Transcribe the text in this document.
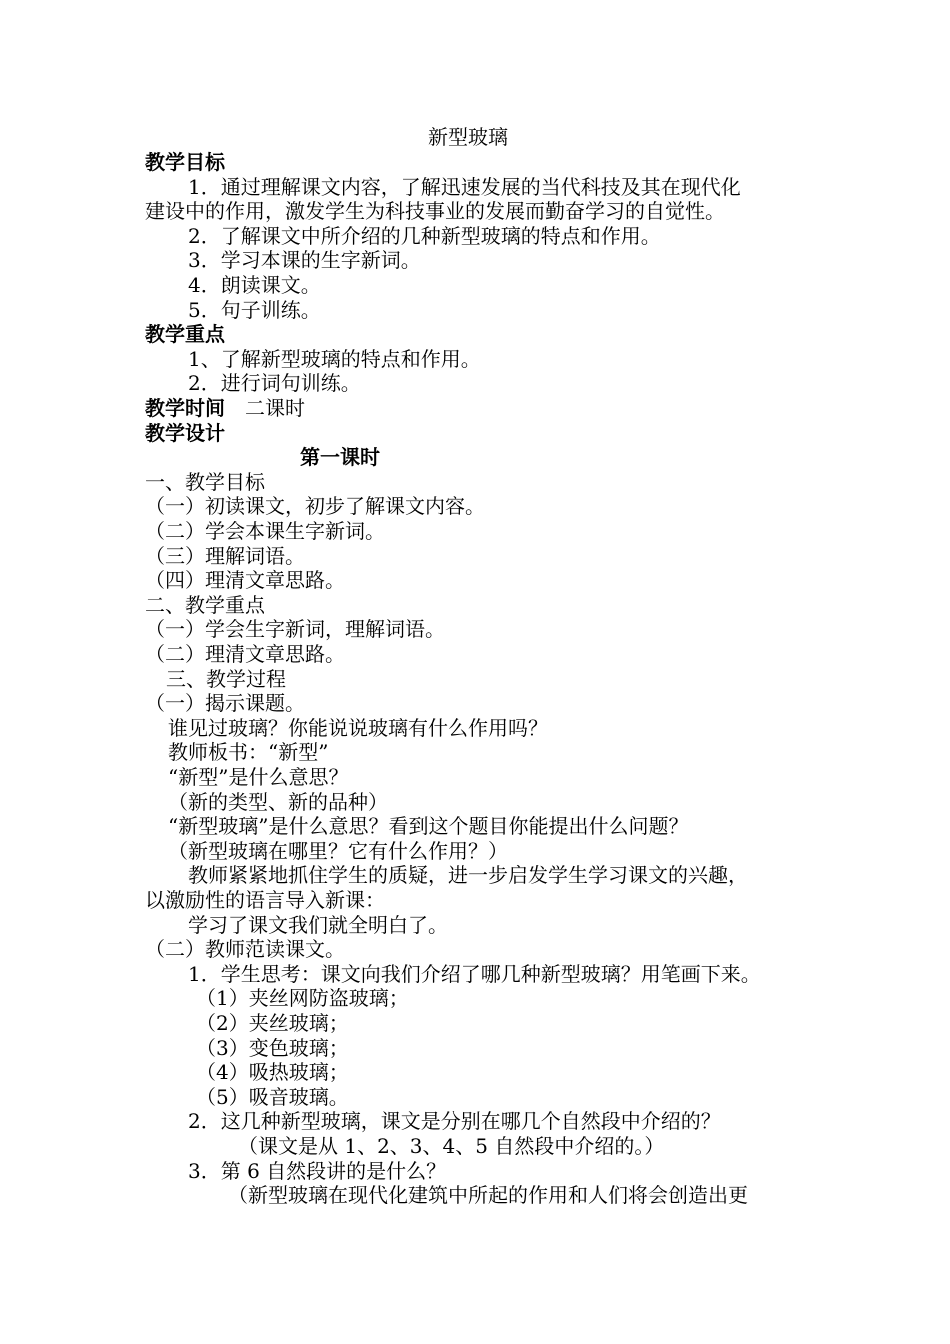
新型玻璃
教学目标
1．通过理解课文内容，了解迅速发展的当代科技及其在现代化
建设中的作用，激发学生为科技事业的发展而勤奋学习的自觉性。
2．了解课文中所介绍的几种新型玻璃的特点和作用。
3．学习本课的生字新词。
4．朗读课文。
5．句子训练。
教学重点
1、了解新型玻璃的特点和作用。
2．进行词句训练。
教学时间　二课时
教学设计
第一课时
一、教学目标
（一）初读课文，初步了解课文内容。
（二）学会本课生字新词。
（三）理解词语。
（四）理清文章思路。
二、教学重点
（一）学会生字新词，理解词语。
（二）理清文章思路。
三、教学过程
（一）揭示课题。
谁见过玻璃？你能说说玻璃有什么作用吗？
教师板书：“新型”
“新型”是什么意思？
（新的类型、新的品种）
“新型玻璃”是什么意思？看到这个题目你能提出什么问题？
（新型玻璃在哪里？它有什么作用？）
教师紧紧地抓住学生的质疑，进一步启发学生学习课文的兴趣，
以激励性的语言导入新课：
学习了课文我们就全明白了。
（二）教师范读课文。
1．学生思考：课文向我们介绍了哪几种新型玻璃？用笔画下来。
（1）夹丝网防盗玻璃；
（2）夹丝玻璃；
（3）变色玻璃；
（4）吸热玻璃；
（5）吸音玻璃。
2．这几种新型玻璃，课文是分别在哪几个自然段中介绍的？
（课文是从 1、2、3、4、5 自然段中介绍的。）
3．第 6 自然段讲的是什么？
（新型玻璃在现代化建筑中所起的作用和人们将会创造出更
